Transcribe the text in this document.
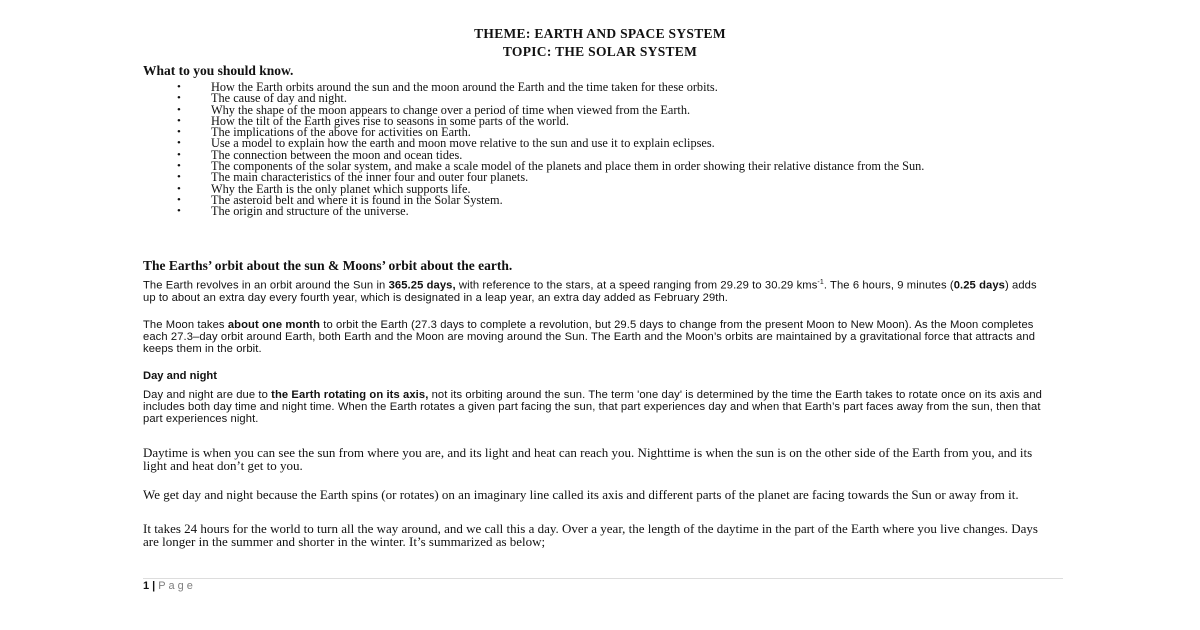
THEME: EARTH AND SPACE SYSTEM
TOPIC: THE SOLAR SYSTEM
What to you should know.
• How the Earth orbits around the sun and the moon around the Earth and the time taken for these orbits.
• The cause of day and night.
• Why the shape of the moon appears to change over a period of time when viewed from the Earth.
• How the tilt of the Earth gives rise to seasons in some parts of the world.
• The implications of the above for activities on Earth.
• Use a model to explain how the earth and moon move relative to the sun and use it to explain eclipses.
• The connection between the moon and ocean tides.
• The components of the solar system, and make a scale model of the planets and place them in order showing their relative distance from the Sun.
• The main characteristics of the inner four and outer four planets.
• Why the Earth is the only planet which supports life.
• The asteroid belt and where it is found in the Solar System.
• The origin and structure of the universe.
The Earths’ orbit about the sun & Moons’ orbit about the earth.

The Earth revolves in an orbit around the Sun in 365.25 days, with reference to the stars, at a speed ranging from 29.29 to 30.29 kms$^{-1}$. The 6 hours, 9 minutes (0.25 days) adds up to about an extra day every fourth year, which is designated in a leap year, an extra day added as February 29th.

The Moon takes about one month to orbit the Earth (27.3 days to complete a revolution, but 29.5 days to change from the present Moon to New Moon). As the Moon completes each 27.3–day orbit around Earth, both Earth and the Moon are moving around the Sun. The Earth and the Moon’s orbits are maintained by a gravitational force that attracts and keeps them in the orbit.

Day and night

Day and night are due to the Earth rotating on its axis, not its orbiting around the sun. The term 'one day' is determined by the time the Earth takes to rotate once on its axis and includes both day time and night time. When the Earth rotates a given part facing the sun, that part experiences day and when that Earth’s part faces away from the sun, then that part experiences night.

Daytime is when you can see the sun from where you are, and its light and heat can reach you. Nighttime is when the sun is on the other side of the Earth from you, and its light and heat don’t get to you.

We get day and night because the Earth spins (or rotates) on an imaginary line called its axis and different parts of the planet are facing towards the Sun or away from it.

It takes 24 hours for the world to turn all the way around, and we call this a day. Over a year, the length of the daytime in the part of the Earth where you live changes. Days are longer in the summer and shorter in the winter. It’s summarized as below;

1 | Page
